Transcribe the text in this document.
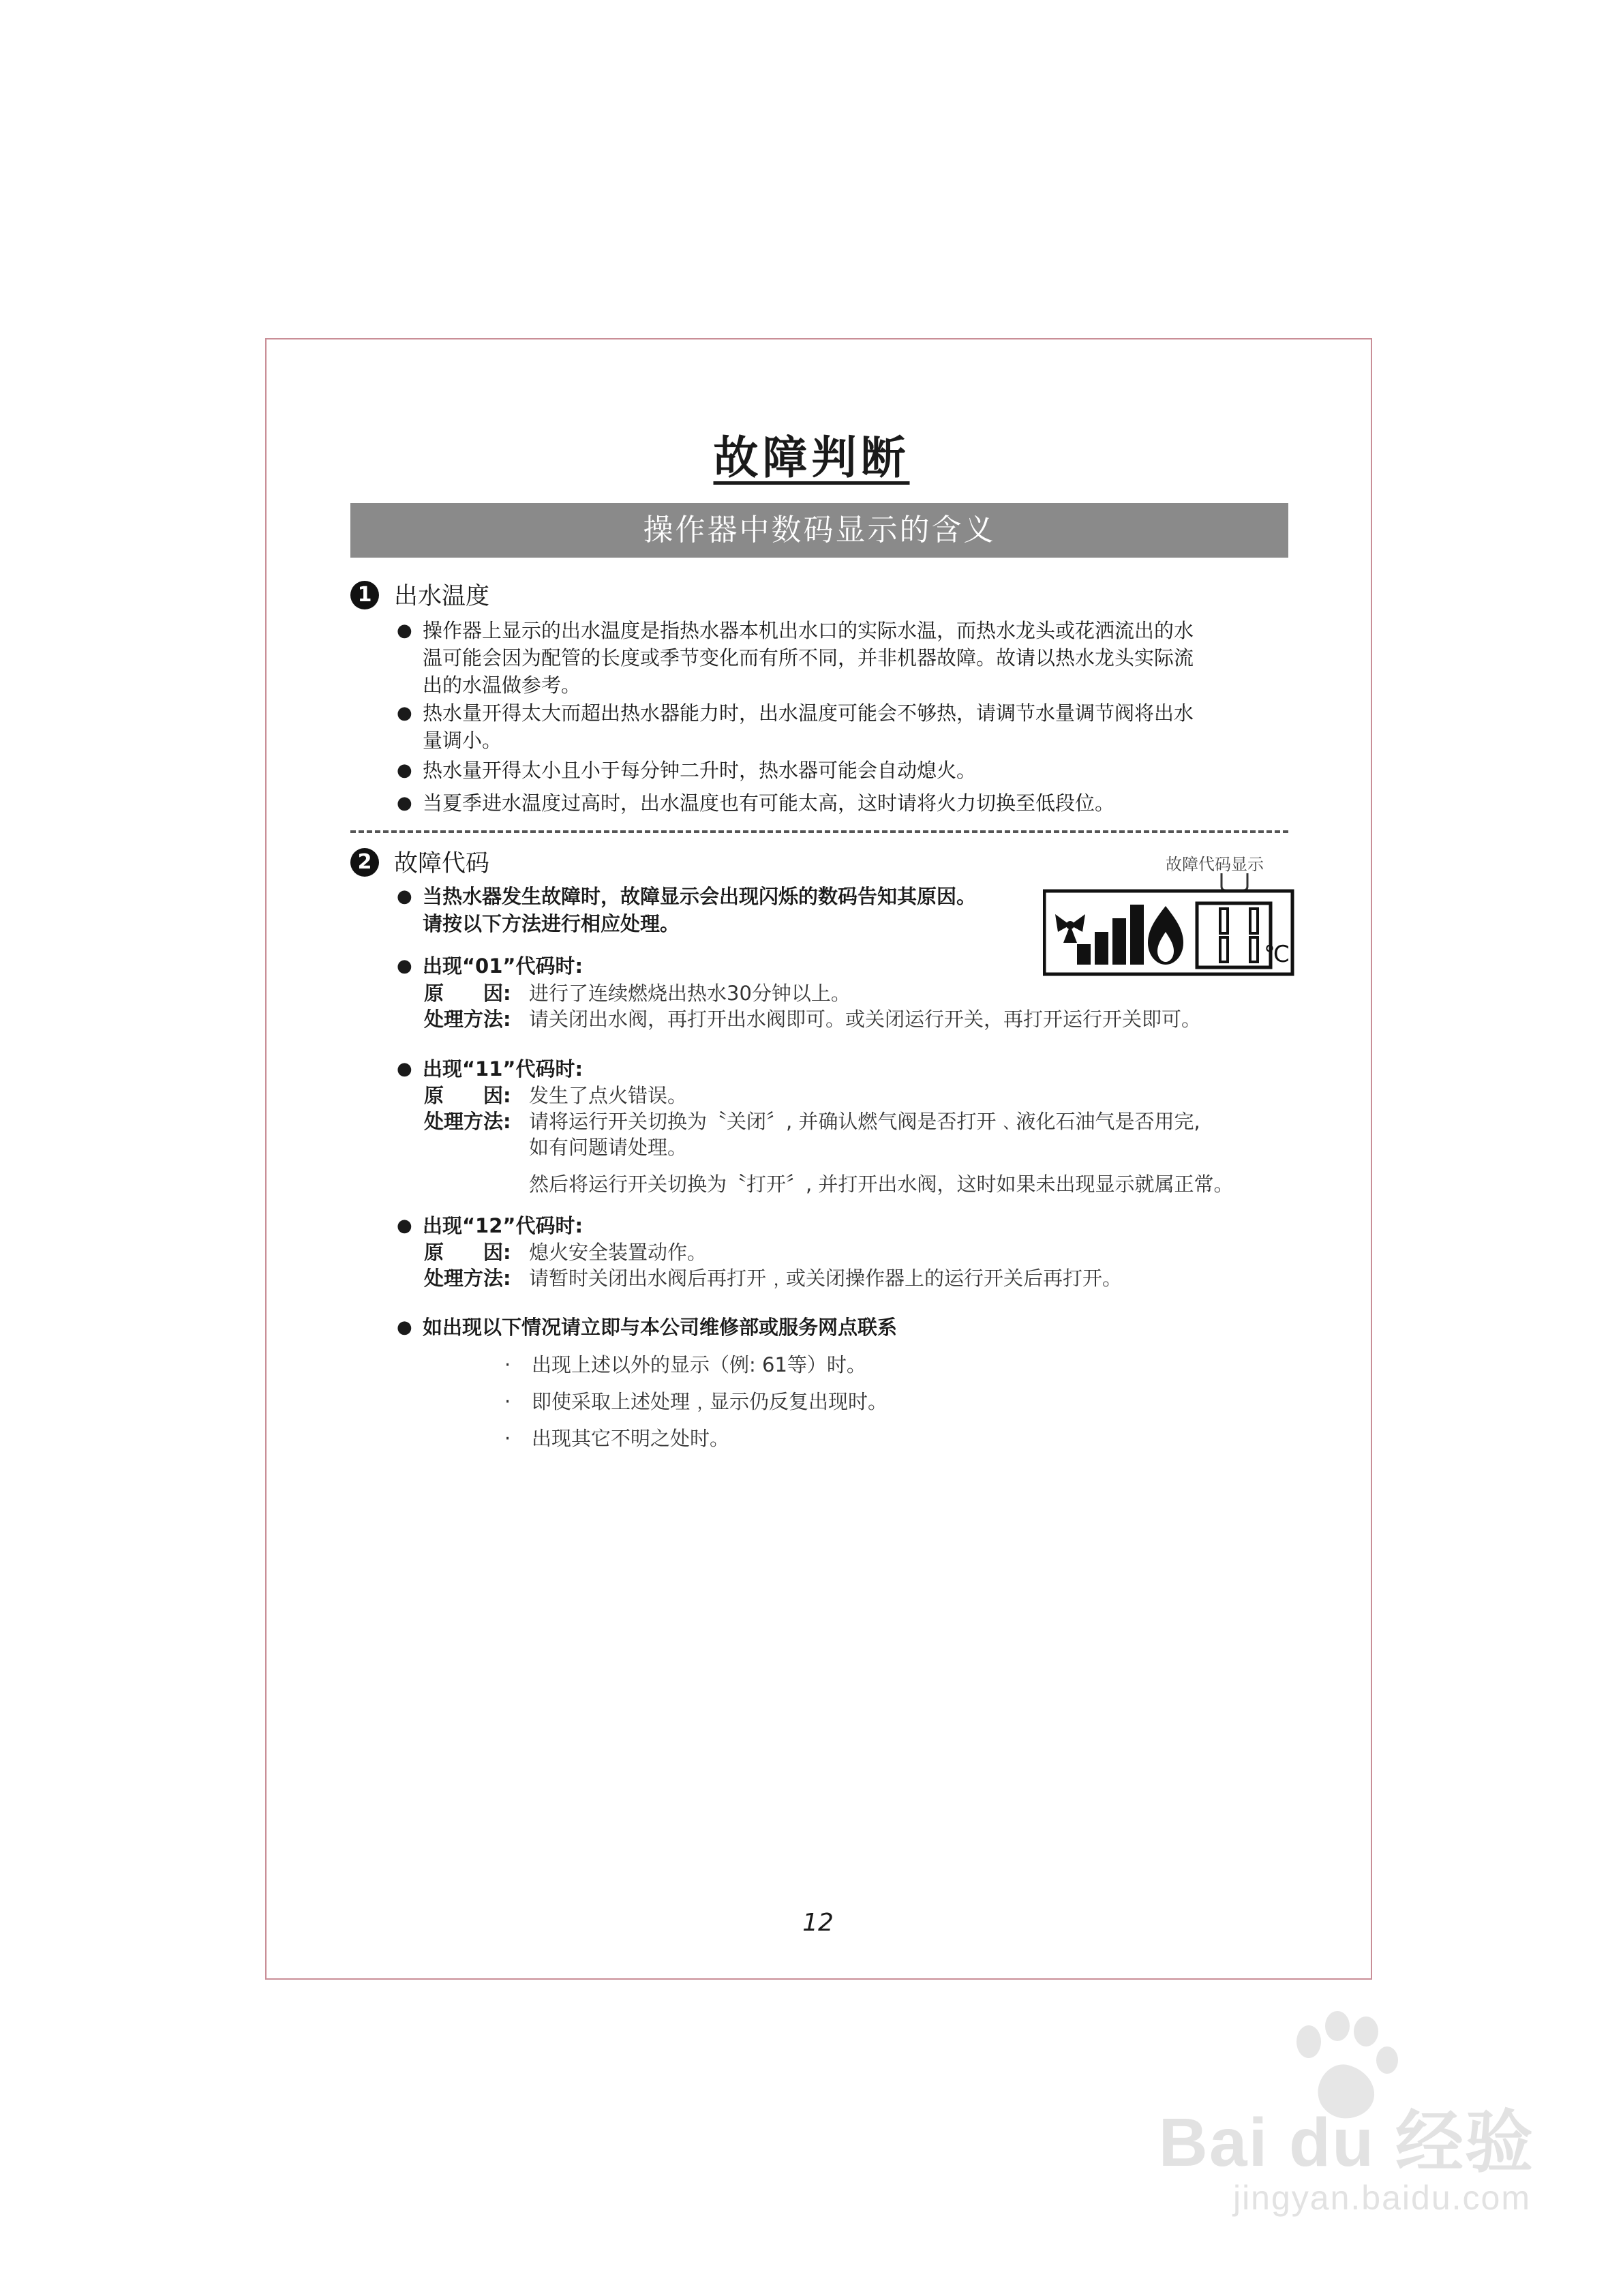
故障判断
操作器中数码显示的含义
1 出水温度
● 操作器上显示的出水温度是指热水器本机出水口的实际水温，而热水龙头或花洒流出的水
温可能会因为配管的长度或季节变化而有所不同，并非机器故障。故请以热水龙头实际流
出的水温做参考。
● 热水量开得太大而超出热水器能力时，出水温度可能会不够热，请调节水量调节阀将出水
量调小。
● 热水量开得太小且小于每分钟二升时，热水器可能会自动熄火。
● 当夏季进水温度过高时，出水温度也有可能太高，这时请将火力切换至低段位。
2 故障代码	故障代码显示
℃
● 当热水器发生故障时，故障显示会出现闪烁的数码告知其原因。
请按以下方法进行相应处理。
● 出现“01”代码时:
原　　因: 进行了连续燃烧出热水30分钟以上。
处理方法: 请关闭出水阀，再打开出水阀即可。或关闭运行开关，再打开运行开关即可。
● 出现“11”代码时:
原　　因: 发生了点火错误。
处理方法: 请将运行开关切换为〝关闭〞, 并确认燃气阀是否打开﹑液化石油气是否用完,
如有问题请处理。
然后将运行开关切换为〝打开〞, 并打开出水阀，这时如果未出现显示就属正常。
● 出现“12”代码时:
原　　因: 熄火安全装置动作。
处理方法: 请暂时关闭出水阀后再打开﹐或关闭操作器上的运行开关后再打开。
● 如出现以下情况请立即与本公司维修部或服务网点联系
· 出现上述以外的显示（例: 61等）时。
· 即使采取上述处理﹐显示仍反复出现时。
· 出现其它不明之处时。
12
Bai du 经验
jingyan.baidu.com
